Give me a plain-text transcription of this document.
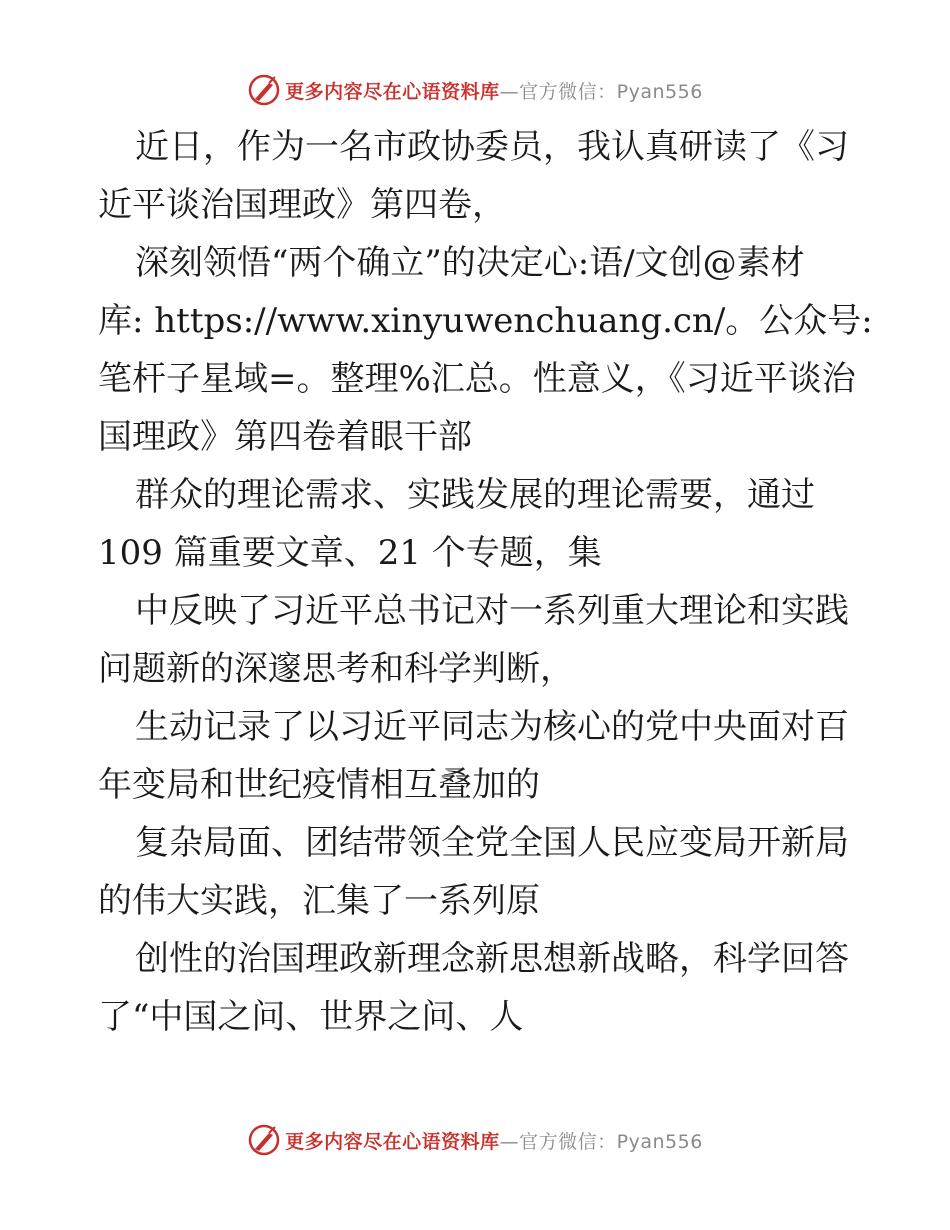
更多内容尽在心语资料库—官方微信：Pyan556
近日，作为一名市政协委员，我认真研读了《习
近平谈治国理政》第四卷，
深刻领悟“两个确立”的决定心:语/文创@素材
库: https://www.xinyuwenchuang.cn/。公众号:
笔杆子星域=。整理%汇总。性意义，《习近平谈治
国理政》第四卷着眼干部
群众的理论需求、实践发展的理论需要，通过
109 篇重要文章、21 个专题，集
中反映了习近平总书记对一系列重大理论和实践
问题新的深邃思考和科学判断，
生动记录了以习近平同志为核心的党中央面对百
年变局和世纪疫情相互叠加的
复杂局面、团结带领全党全国人民应变局开新局
的伟大实践，汇集了一系列原
创性的治国理政新理念新思想新战略，科学回答
了“中国之问、世界之问、人
更多内容尽在心语资料库—官方微信：Pyan556
